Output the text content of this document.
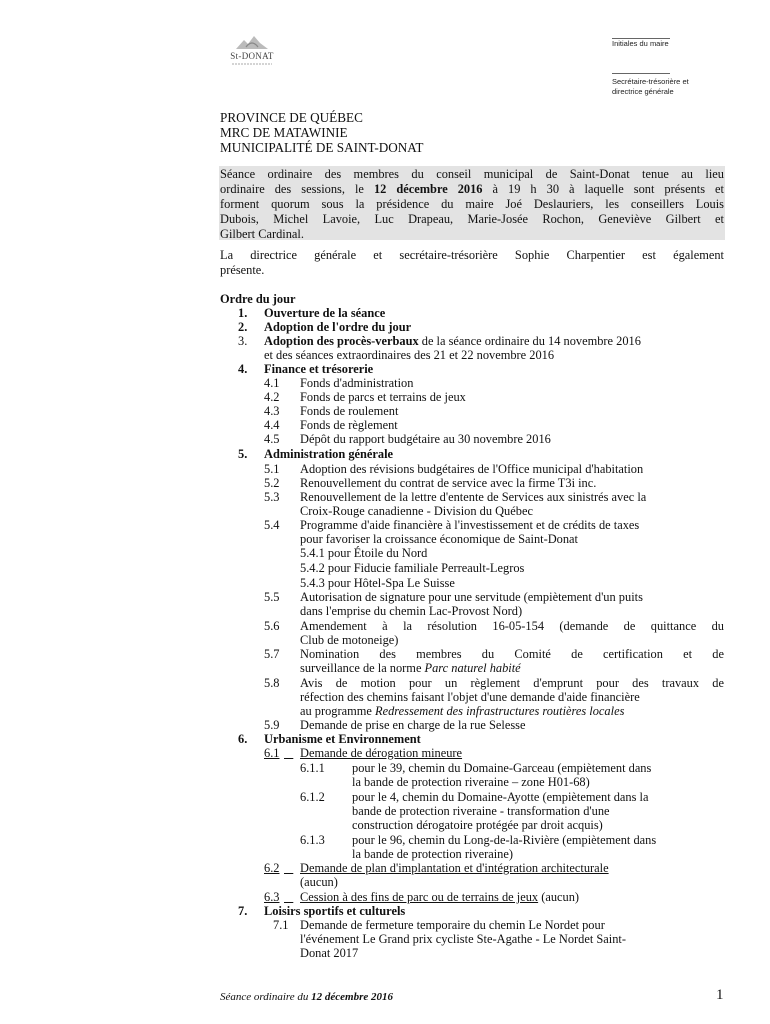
St-DONAT
Initiales du maire
Secrétaire-trésorière et
directrice générale
PROVINCE DE QUÉBEC
MRC DE MATAWINIE
MUNICIPALITÉ DE SAINT-DONAT
Séance ordinaire des membres du conseil municipal de Saint-Donat tenue au lieu
ordinaire des sessions, le 12 décembre 2016 à 19 h 30 à laquelle sont présents et
forment quorum sous la présidence du maire Joé Deslauriers, les conseillers Louis
Dubois, Michel Lavoie, Luc Drapeau, Marie-Josée Rochon, Geneviève Gilbert et
Gilbert Cardinal.
La directrice générale et secrétaire-trésorière Sophie Charpentier est également
présente.
Ordre du jour
1. Ouverture de la séance
2. Adoption de l'ordre du jour
3. Adoption des procès-verbaux de la séance ordinaire du 14 novembre 2016
et des séances extraordinaires des 21 et 22 novembre 2016
4. Finance et trésorerie
4.1 Fonds d'administration
4.2 Fonds de parcs et terrains de jeux
4.3 Fonds de roulement
4.4 Fonds de règlement
4.5 Dépôt du rapport budgétaire au 30 novembre 2016
5. Administration générale
5.1 Adoption des révisions budgétaires de l'Office municipal d'habitation
5.2 Renouvellement du contrat de service avec la firme T3i inc.
5.3 Renouvellement de la lettre d'entente de Services aux sinistrés avec la
Croix-Rouge canadienne - Division du Québec
5.4 Programme d'aide financière à l'investissement et de crédits de taxes
pour favoriser la croissance économique de Saint-Donat
5.4.1 pour Étoile du Nord
5.4.2 pour Fiducie familiale Perreault-Legros
5.4.3 pour Hôtel-Spa Le Suisse
5.5 Autorisation de signature pour une servitude (empiètement d'un puits
dans l'emprise du chemin Lac-Provost Nord)
5.6 Amendement à la résolution 16-05-154 (demande de quittance du
Club de motoneige)
5.7 Nomination des membres du Comité de certification et de
surveillance de la norme Parc naturel habité
5.8 Avis de motion pour un règlement d'emprunt pour des travaux de
réfection des chemins faisant l'objet d'une demande d'aide financière
au programme Redressement des infrastructures routières locales
5.9 Demande de prise en charge de la rue Selesse
6. Urbanisme et Environnement
6.1
Demande de dérogation mineure
6.1.1 pour le 39, chemin du Domaine-Garceau (empiètement dans
la bande de protection riveraine – zone H01-68)
6.1.2 pour le 4, chemin du Domaine-Ayotte (empiètement dans la
bande de protection riveraine - transformation d'une
construction dérogatoire protégée par droit acquis)
6.1.3 pour le 96, chemin du Long-de-la-Rivière (empiètement dans
la bande de protection riveraine)
6.2
Demande de plan d'implantation et d'intégration architecturale
(aucun)
6.3
Cession à des fins de parc ou de terrains de jeux (aucun)
7. Loisirs sportifs et culturels
7.1 Demande de fermeture temporaire du chemin Le Nordet pour
l'événement Le Grand prix cycliste Ste-Agathe - Le Nordet Saint-
Donat 2017
Séance ordinaire du 12 décembre 2016	1
